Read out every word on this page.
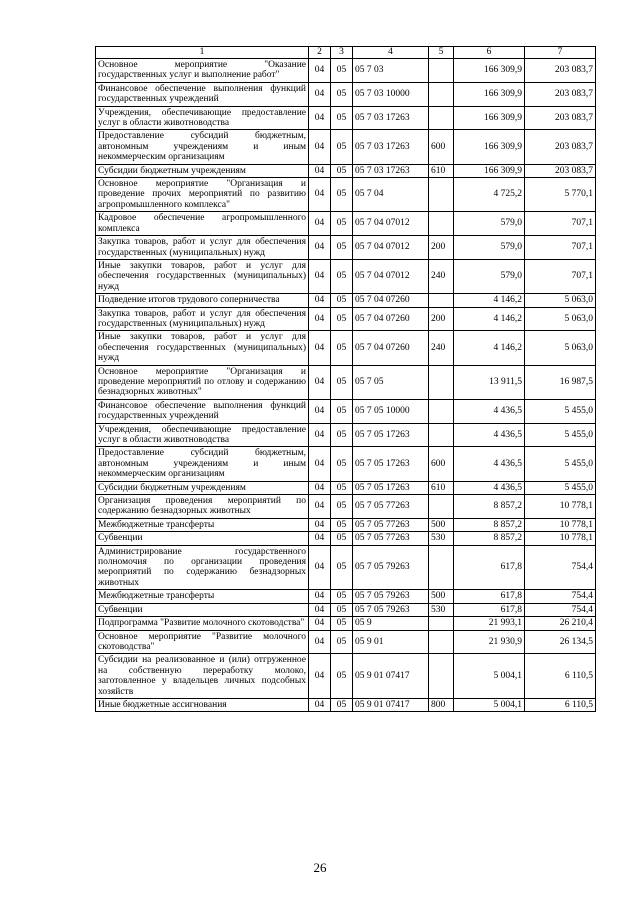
1	2	3	4	5	6	7
Основное мероприятие "Оказание государственных услуг и выполнение работ"	04	05	05 7 03		166 309,9	203 083,7
Финансовое обеспечение выполнения функций государственных учреждений	04	05	05 7 03 10000		166 309,9	203 083,7
Учреждения, обеспечивающие предоставление услуг в области животноводства	04	05	05 7 03 17263		166 309,9	203 083,7
Предоставление субсидий бюджетным, автономным учреждениям и иным некоммерческим организациям	04	05	05 7 03 17263	600	166 309,9	203 083,7
Субсидии бюджетным учреждениям	04	05	05 7 03 17263	610	166 309,9	203 083,7
Основное мероприятие "Организация и проведение прочих мероприятий по развитию агропромышленного комплекса"	04	05	05 7 04		4 725,2	5 770,1
Кадровое обеспечение агропромышленного комплекса	04	05	05 7 04 07012		579,0	707,1
Закупка товаров, работ и услуг для обеспечения государственных (муниципальных) нужд	04	05	05 7 04 07012	200	579,0	707,1
Иные закупки товаров, работ и услуг для обеспечения государственных (муниципальных) нужд	04	05	05 7 04 07012	240	579,0	707,1
Подведение итогов трудового соперничества	04	05	05 7 04 07260		4 146,2	5 063,0
Закупка товаров, работ и услуг для обеспечения государственных (муниципальных) нужд	04	05	05 7 04 07260	200	4 146,2	5 063,0
Иные закупки товаров, работ и услуг для обеспечения государственных (муниципальных) нужд	04	05	05 7 04 07260	240	4 146,2	5 063,0
Основное мероприятие "Организация и проведение мероприятий по отлову и содержанию безнадзорных животных"	04	05	05 7 05		13 911,5	16 987,5
Финансовое обеспечение выполнения функций государственных учреждений	04	05	05 7 05 10000		4 436,5	5 455,0
Учреждения, обеспечивающие предоставление услуг в области животноводства	04	05	05 7 05 17263		4 436,5	5 455,0
Предоставление субсидий бюджетным, автономным учреждениям и иным некоммерческим организациям	04	05	05 7 05 17263	600	4 436,5	5 455,0
Субсидии бюджетным учреждениям	04	05	05 7 05 17263	610	4 436,5	5 455,0
Организация проведения мероприятий по содержанию безнадзорных животных	04	05	05 7 05 77263		8 857,2	10 778,1
Межбюджетные трансферты	04	05	05 7 05 77263	500	8 857,2	10 778,1
Субвенции	04	05	05 7 05 77263	530	8 857,2	10 778,1
Администрирование государственного полномочия по организации проведения мероприятий по содержанию безнадзорных животных	04	05	05 7 05 79263		617,8	754,4
Межбюджетные трансферты	04	05	05 7 05 79263	500	617,8	754,4
Субвенции	04	05	05 7 05 79263	530	617,8	754,4
Подпрограмма "Развитие молочного скотоводства"	04	05	05 9		21 993,1	26 210,4
Основное мероприятие "Развитие молочного скотоводства"	04	05	05 9 01		21 930,9	26 134,5
Субсидии на реализованное и (или) отгруженное на собственную переработку молоко, заготовленное у владельцев личных подсобных хозяйств	04	05	05 9 01 07417		5 004,1	6 110,5
Иные бюджетные ассигнования	04	05	05 9 01 07417	800	5 004,1	6 110,5
26
